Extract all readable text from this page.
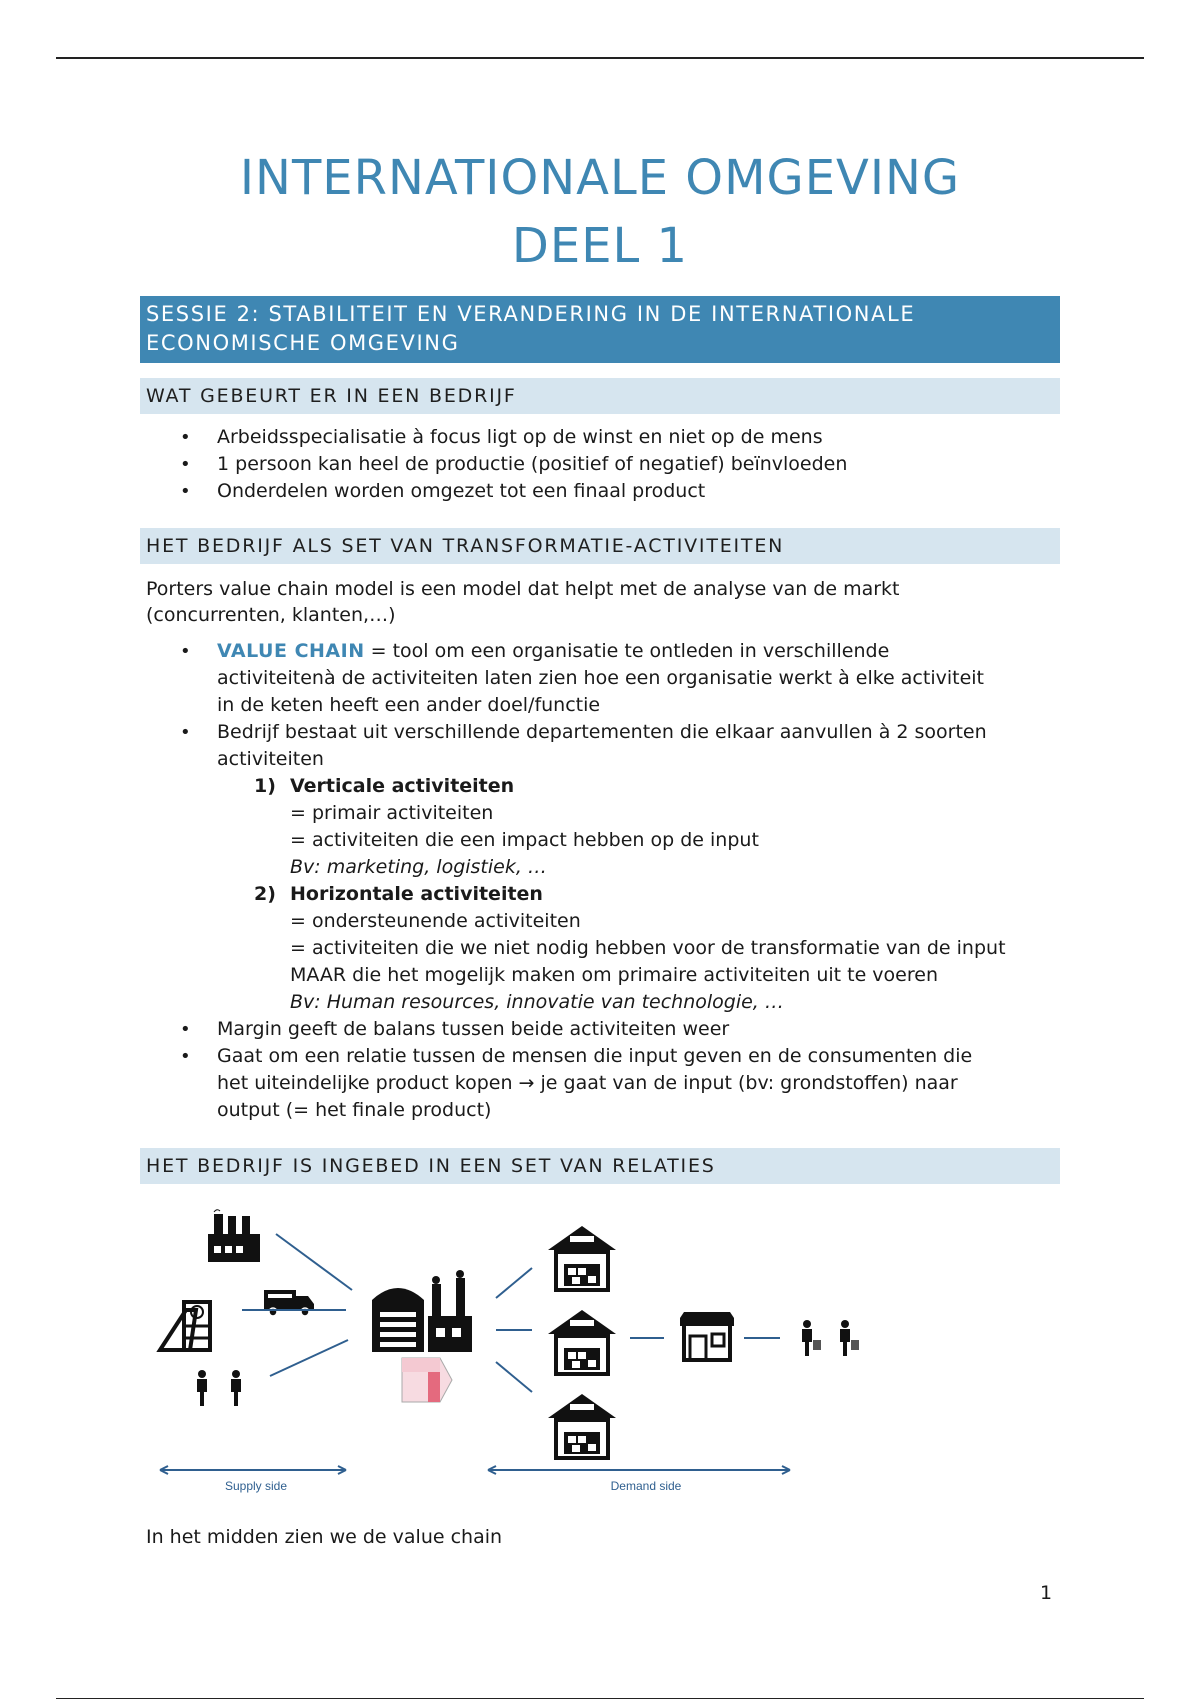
INTERNATIONALE OMGEVING
DEEL 1
SESSIE 2: STABILITEIT EN VERANDERING IN DE INTERNATIONALE
ECONOMISCHE OMGEVING
WAT GEBEURT ER IN EEN BEDRIJF
• Arbeidsspecialisatie à focus ligt op de winst en niet op de mens
• 1 persoon kan heel de productie (positief of negatief) beïnvloeden
• Onderdelen worden omgezet tot een finaal product
HET BEDRIJF ALS SET VAN TRANSFORMATIE-ACTIVITEITEN

Porters value chain model is een model dat helpt met de analyse van de markt
(concurrenten, klanten,…)

• VALUE CHAIN = tool om een organisatie te ontleden in verschillende
activiteitenà de activiteiten laten zien hoe een organisatie werkt à elke activiteit
in de keten heeft een ander doel/functie
• Bedrijf bestaat uit verschillende departementen die elkaar aanvullen à 2 soorten
activiteiten
1) Verticale activiteiten
= primair activiteiten
= activiteiten die een impact hebben op de input
Bv: marketing, logistiek, …
2) Horizontale activiteiten
= ondersteunende activiteiten
= activiteiten die we niet nodig hebben voor de transformatie van de input
MAAR die het mogelijk maken om primaire activiteiten uit te voeren
Bv: Human resources, innovatie van technologie, …
• Margin geeft de balans tussen beide activiteiten weer
• Gaat om een relatie tussen de mensen die input geven en de consumenten die
het uiteindelijke product kopen → je gaat van de input (bv: grondstoffen) naar
output (= het finale product)
HET BEDRIJF IS INGEBED IN EEN SET VAN RELATIES
Supply side	Demand side
In het midden zien we de value chain
1
